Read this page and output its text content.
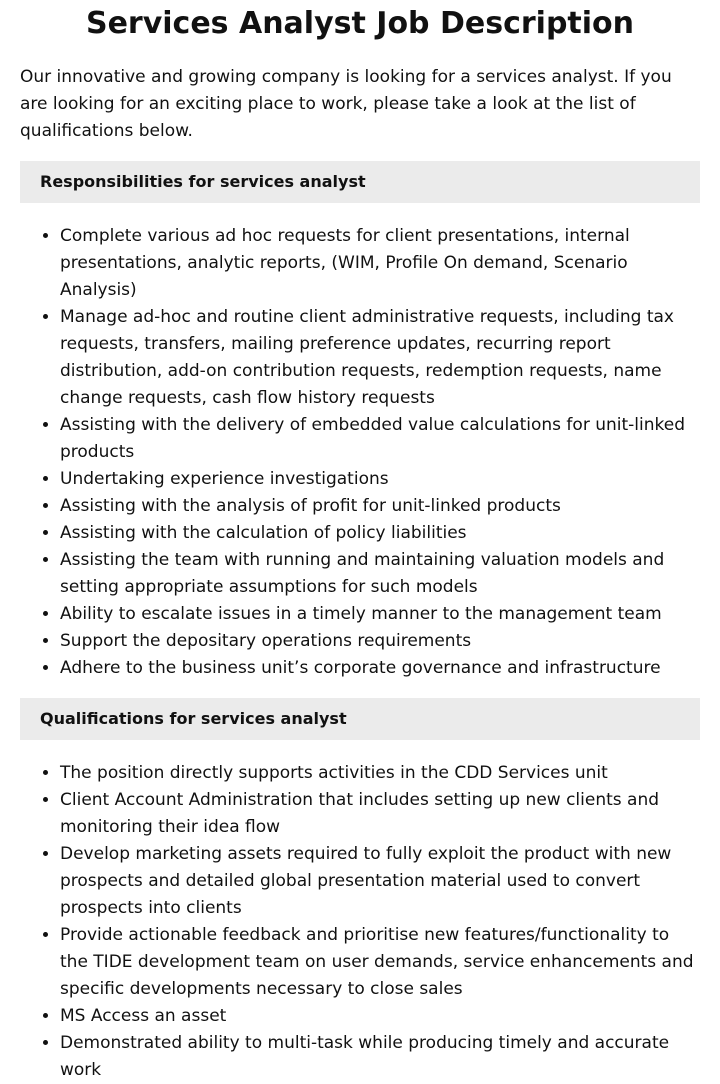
Services Analyst Job Description

Our innovative and growing company is looking for a services analyst. If you are looking for an exciting place to work, please take a look at the list of qualifications below.

Responsibilities for services analyst
• Complete various ad hoc requests for client presentations, internal presentations, analytic reports, (WIM, Profile On demand, Scenario Analysis)
• Manage ad-hoc and routine client administrative requests, including tax requests, transfers, mailing preference updates, recurring report distribution, add-on contribution requests, redemption requests, name change requests, cash flow history requests
• Assisting with the delivery of embedded value calculations for unit-linked products
• Undertaking experience investigations
• Assisting with the analysis of profit for unit-linked products
• Assisting with the calculation of policy liabilities
• Assisting the team with running and maintaining valuation models and setting appropriate assumptions for such models
• Ability to escalate issues in a timely manner to the management team
• Support the depositary operations requirements
• Adhere to the business unit’s corporate governance and infrastructure
Qualifications for services analyst
• The position directly supports activities in the CDD Services unit
• Client Account Administration that includes setting up new clients and monitoring their idea flow
• Develop marketing assets required to fully exploit the product with new prospects and detailed global presentation material used to convert prospects into clients
• Provide actionable feedback and prioritise new features/functionality to the TIDE development team on user demands, service enhancements and specific developments necessary to close sales
• MS Access an asset
• Demonstrated ability to multi-task while producing timely and accurate work
